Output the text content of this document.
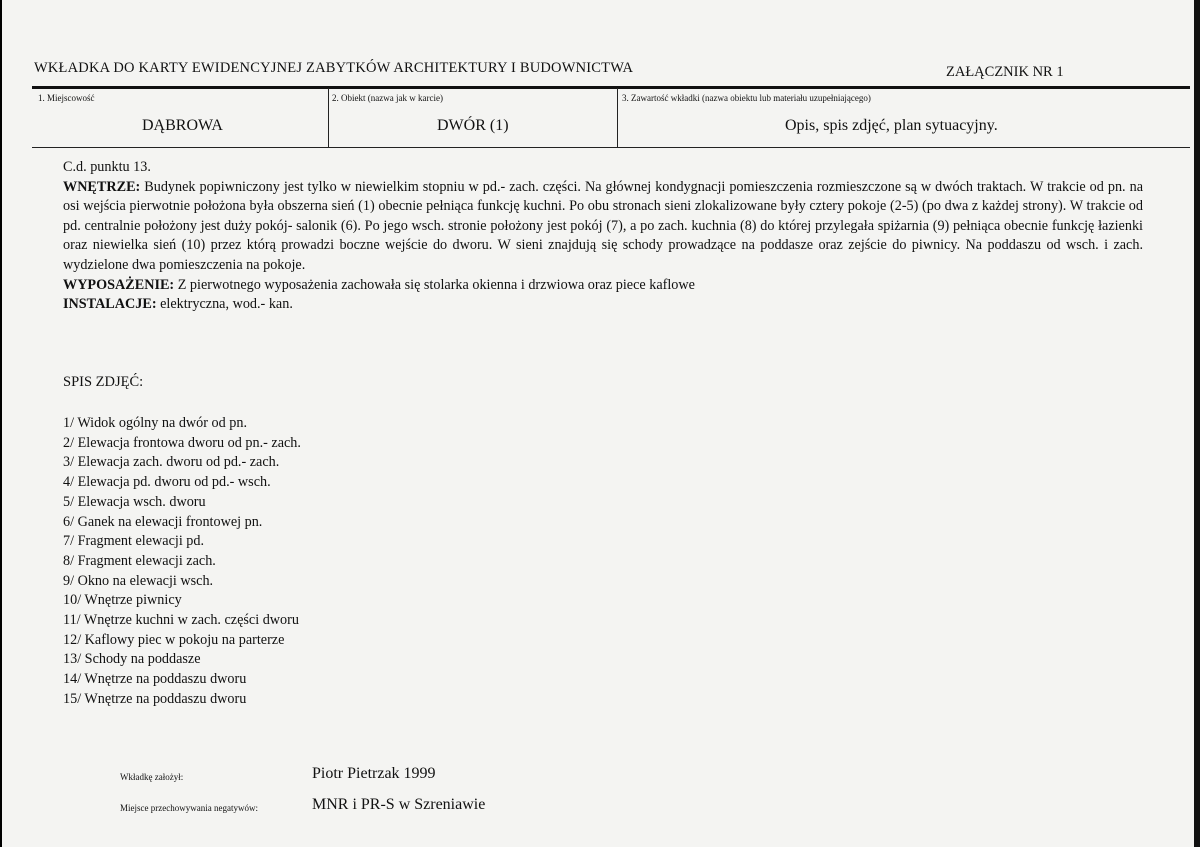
WKŁADKA DO KARTY EWIDENCYJNEJ ZABYTKÓW ARCHITEKTURY I BUDOWNICTWA	ZAŁĄCZNIK NR 1
1. Miejscowość	2. Obiekt (nazwa jak w karcie)	3. Zawartość wkładki (nazwa obiektu lub materiału uzupełniającego)
DĄBROWA	DWÓR (1)	Opis, spis zdjęć, plan sytuacyjny.

C.d. punktu 13.

WNĘTRZE: Budynek popiwniczony jest tylko w niewielkim stopniu w pd.- zach. części. Na głównej kondygnacji pomieszczenia rozmieszczone są w dwóch traktach. W trakcie od pn. na osi wejścia pierwotnie położona była obszerna sień (1) obecnie pełniąca funkcję kuchni. Po obu stronach sieni zlokalizowane były cztery pokoje (2-5) (po dwa z każdej strony). W trakcie od pd. centralnie położony jest duży pokój- salonik (6). Po jego wsch. stronie położony jest pokój (7), a po zach. kuchnia (8) do której przylegała spiżarnia (9) pełniąca obecnie funkcję łazienki oraz niewielka sień (10) przez którą prowadzi boczne wejście do dworu. W sieni znajdują się schody prowadzące na poddasze oraz zejście do piwnicy. Na poddaszu od wsch. i zach. wydzielone dwa pomieszczenia na pokoje.

WYPOSAŻENIE: Z pierwotnego wyposażenia zachowała się stolarka okienna i drzwiowa oraz piece kaflowe

INSTALACJE: elektryczna, wod.- kan.

SPIS ZDJĘĆ:
1/ Widok ogólny na dwór od pn.
2/ Elewacja frontowa dworu od pn.- zach.
3/ Elewacja zach. dworu od pd.- zach.
4/ Elewacja pd. dworu od pd.- wsch.
5/ Elewacja wsch. dworu
6/ Ganek na elewacji frontowej pn.
7/ Fragment elewacji pd.
8/ Fragment elewacji zach.
9/ Okno na elewacji wsch.
10/ Wnętrze piwnicy
11/ Wnętrze kuchni w zach. części dworu
12/ Kaflowy piec w pokoju na parterze
13/ Schody na poddasze
14/ Wnętrze na poddaszu dworu
15/ Wnętrze na poddaszu dworu
Wkładkę założył:	Piotr Pietrzak 1999
Miejsce przechowywania negatywów:	MNR i PR-S w Szreniawie
